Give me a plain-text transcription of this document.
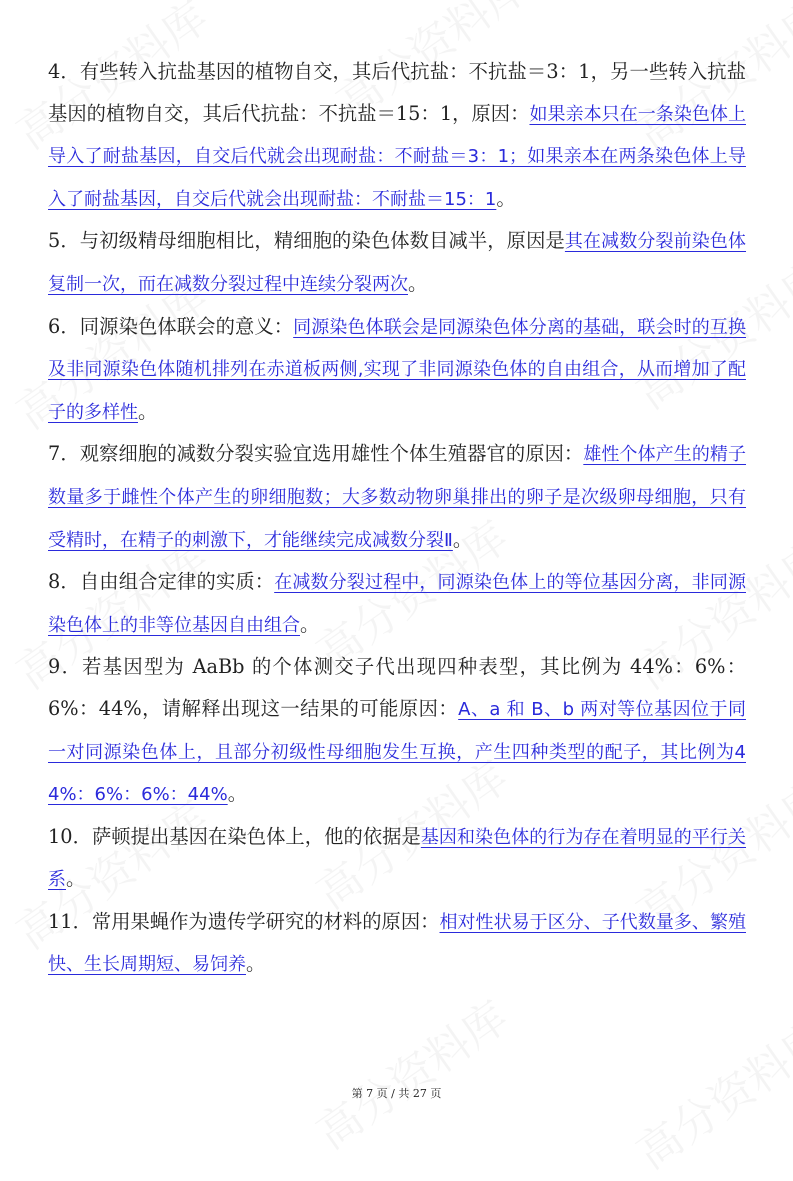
4．有些转入抗盐基因的植物自交，其后代抗盐：不抗盐＝3：1，另一些转入抗盐基因的植物自交，其后代抗盐：不抗盐＝15：1，原因：如果亲本只在一条染色体上导入了耐盐基因，自交后代就会出现耐盐：不耐盐＝3：1；如果亲本在两条染色体上导入了耐盐基因，自交后代就会出现耐盐：不耐盐＝15：1。

5．与初级精母细胞相比，精细胞的染色体数目减半，原因是其在减数分裂前染色体复制一次，而在减数分裂过程中连续分裂两次。

6．同源染色体联会的意义：同源染色体联会是同源染色体分离的基础，联会时的互换及非同源染色体随机排列在赤道板两侧,实现了非同源染色体的自由组合，从而增加了配子的多样性。

7．观察细胞的减数分裂实验宜选用雄性个体生殖器官的原因：雄性个体产生的精子数量多于雌性个体产生的卵细胞数；大多数动物卵巢排出的卵子是次级卵母细胞，只有受精时，在精子的刺激下，才能继续完成减数分裂Ⅱ。

8．自由组合定律的实质：在减数分裂过程中，同源染色体上的等位基因分离，非同源染色体上的非等位基因自由组合。

9．若基因型为 AaBb 的个体测交子代出现四种表型，其比例为 44%：6%：6%：44%，请解释出现这一结果的可能原因：A、a 和 B、b 两对等位基因位于同一对同源染色体上，且部分初级性母细胞发生互换，产生四种类型的配子，其比例为44%：6%：6%：44%。

10．萨顿提出基因在染色体上，他的依据是基因和染色体的行为存在着明显的平行关系。

11．常用果蝇作为遗传学研究的材料的原因：相对性状易于区分、子代数量多、繁殖快、生长周期短、易饲养。

第 7 页 / 共 27 页
